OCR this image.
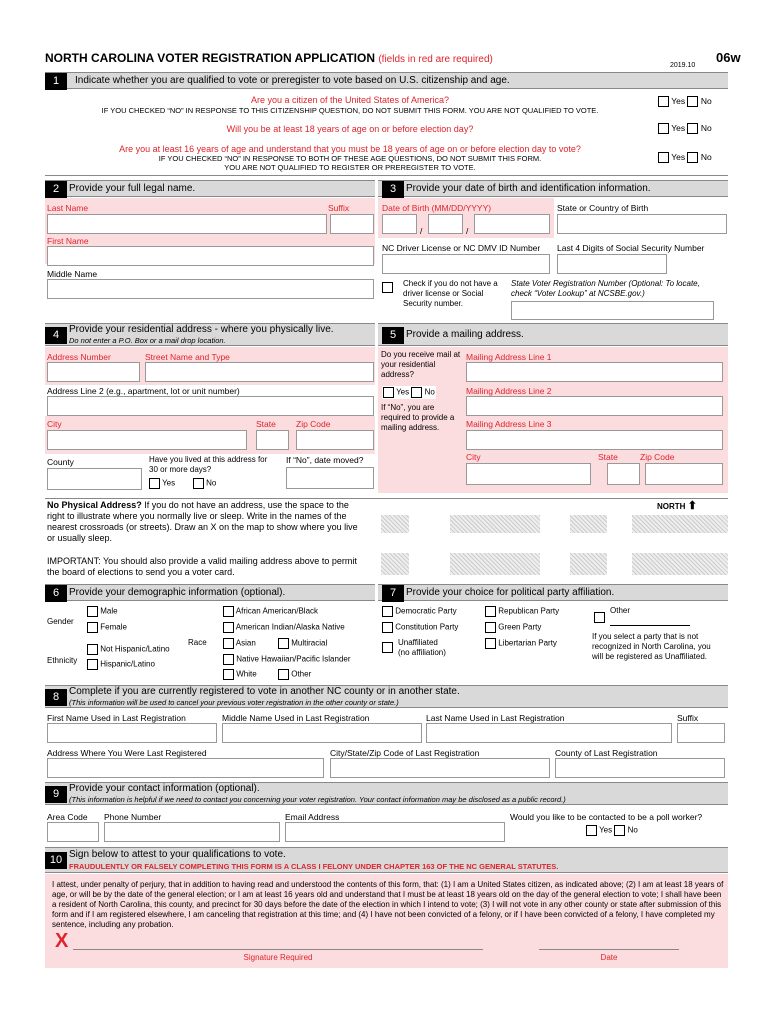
NORTH CAROLINA VOTER REGISTRATION APPLICATION (fields in red are required)
2019.10
06w
1	Indicate whether you are qualified to vote or preregister to vote based on U.S. citizenship and age.
Are you a citizen of the United States of America?
IF YOU CHECKED “NO” IN RESPONSE TO THIS CITIZENSHIP QUESTION, DO NOT SUBMIT THIS FORM. YOU ARE NOT QUALIFIED TO VOTE.
Will you be at least 18 years of age on or before election day?
Are you at least 16 years of age and understand that you must be 18 years of age on or before election day to vote?
IF YOU CHECKED “NO” IN RESPONSE TO BOTH OF THESE AGE QUESTIONS, DO NOT SUBMIT THIS FORM.
YOU ARE NOT QUALIFIED TO REGISTER OR PREREGISTER TO VOTE.
Yes No
Yes No
Yes No
2 Provide your full legal name.
Last Name	Suffix
First Name
Middle Name
3 Provide your date of birth and identification information.
Date of Birth (MM/DD/YYYY)	State or Country of Birth
/	/
NC Driver License or NC DMV ID Number Last 4 Digits of Social Security Number
Check if you do not have a driver license or Social Security number.
State Voter Registration Number (Optional: To locate, check “Voter Lookup” at NCSBE.gov.)
4 Provide your residential address - where you physically live.
Do not enter a P.O. Box or a mail drop location.
Address Number	Street Name and Type
Address Line 2 (e.g., apartment, lot or unit number)
City	State Zip Code
County	Have you lived at this address for 30 or more days?
Yes	No
If “No”, date moved?
5 Provide a mailing address.
Do you receive mail at your residential address?
Yes No
If “No”, you are required to provide a mailing address.
Mailing Address Line 1
Mailing Address Line 2
Mailing Address Line 3
City	State	Zip Code
No Physical Address? If you do not have an address, use the space to the right to illustrate where you normally live or sleep. Write in the names of the nearest crossroads (or streets). Draw an X on the map to show where you live or usually sleep.
IMPORTANT: You should also provide a valid mailing address above to permit the board of elections to send you a voter card.
NORTH ⬆
6 Provide your demographic information (optional).
Gender
Male
Female
Ethnicity
Not Hispanic/Latino
Hispanic/Latino
Race
African American/Black
American Indian/Alaska Native
Asian	Multiracial
Native Hawaiian/Pacific Islander
White	Other
7 Provide your choice for political party affiliation.
Democratic Party
Constitution Party
Unaffiliated
(no affiliation)
Republican Party
Green Party
Libertarian Party
Other
If you select a party that is not recognized in North Carolina, you will be registered as Unaffiliated.
8 Complete if you are currently registered to vote in another NC county or in another state.
(This information will be used to cancel your previous voter registration in the other county or state.)
First Name Used in Last Registration	Middle Name Used in Last Registration	Last Name Used in Last Registration	Suffix
Address Where You Were Last Registered	City/State/Zip Code of Last Registration	County of Last Registration
9 Provide your contact information (optional).
(This information is helpful if we need to contact you concerning your voter registration. Your contact information may be disclosed as a public record.)
Area Code Phone Number	Email Address	Would you like to be contacted to be a poll worker?
Yes No
10 Sign below to attest to your qualifications to vote.
FRAUDULENTLY OR FALSELY COMPLETING THIS FORM IS A CLASS I FELONY UNDER CHAPTER 163 OF THE NC GENERAL STATUTES.
I attest, under penalty of perjury, that in addition to having read and understood the contents of this form, that: (1) I am a United States citizen, as indicated above; (2) I am at least 18 years of age, or will be by the date of the general election; or I am at least 16 years old and understand that I must be at least 18 years old on the day of the general election to vote; I shall have been a resident of North Carolina, this county, and precinct for 30 days before the date of the election in which I intend to vote; (3) I will not vote in any other county or state after submission of this form and if I am registered elsewhere, I am canceling that registration at this time; and (4) I have not been convicted of a felony, or if I have been convicted of a felony, I have completed my sentence, including any probation.
X
Signature Required	Date
